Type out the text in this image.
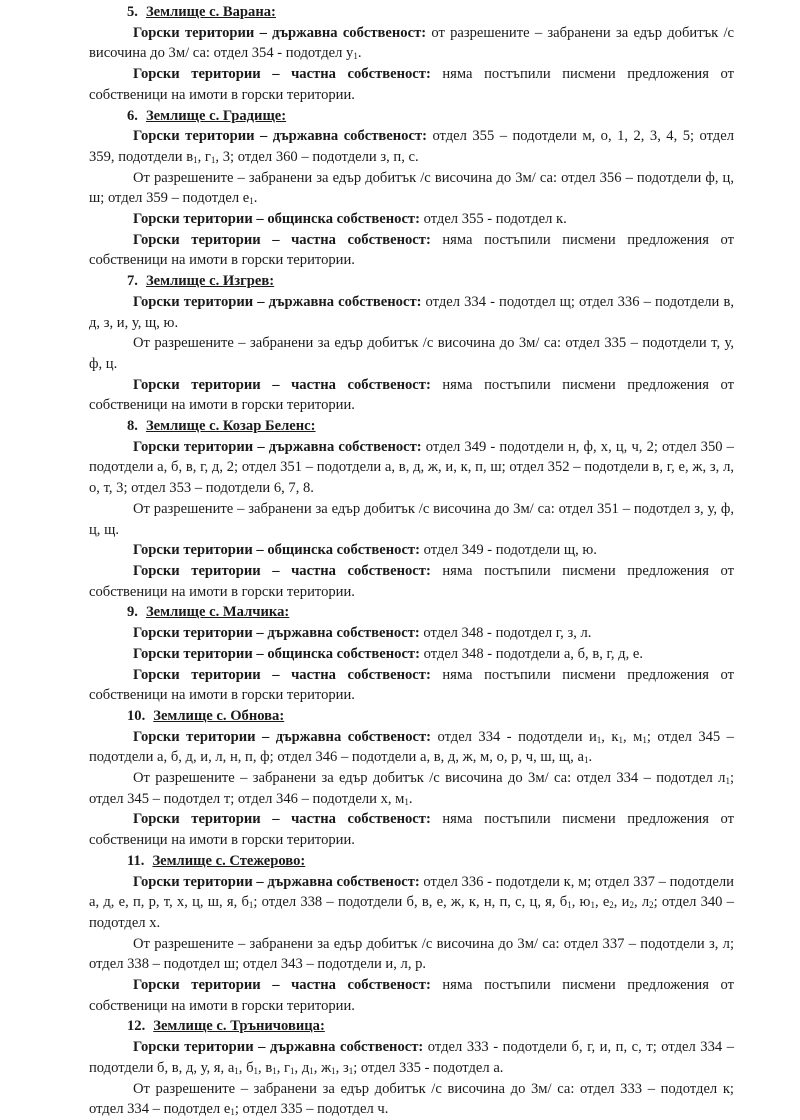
5. Землище с. Варана:

Горски територии – държавна собственост: от разрешените – забранени за едър добитък /с височина до 3м/ са: отдел 354 - подотдел $у_1$.

Горски територии – частна собственост: няма постъпили писмени предложения от собственици на имоти в горски територии.

6. Землище с. Градище:

Горски територии – държавна собственост: отдел 355 – подотдели м, о, 1, 2, 3, 4, 5; отдел 359, подотдели $в_1$, $г_1$, 3; отдел 360 – подотдели з, п, с.

От разрешените – забранени за едър добитък /с височина до 3м/ са: отдел 356 – подотдели ф, ц, ш; отдел 359 – подотдел $е_1$.

Горски територии – общинска собственост: отдел 355 - подотдел к.

Горски територии – частна собственост: няма постъпили писмени предложения от собственици на имоти в горски територии.

7. Землище с. Изгрев:

Горски територии – държавна собственост: отдел 334 - подотдел щ; отдел 336 – подотдели в, д, з, и, у, щ, ю.

От разрешените – забранени за едър добитък /с височина до 3м/ са: отдел 335 – подотдели т, у, ф, ц.

Горски територии – частна собственост: няма постъпили писмени предложения от собственици на имоти в горски територии.

8. Землище с. Козар Беленс:

Горски територии – държавна собственост: отдел 349 - подотдели н, ф, х, ц, ч, 2; отдел 350 – подотдели а, б, в, г, д, 2; отдел 351 – подотдели а, в, д, ж, и, к, п, ш; отдел 352 – подотдели в, г, е, ж, з, л, о, т, 3; отдел 353 – подотдели 6, 7, 8.

От разрешените – забранени за едър добитък /с височина до 3м/ са: отдел 351 – подотдел з, у, ф, ц, щ.

Горски територии – общинска собственост: отдел 349 - подотдели щ, ю.

Горски територии – частна собственост: няма постъпили писмени предложения от собственици на имоти в горски територии.

9. Землище с. Малчика:

Горски територии – държавна собственост: отдел 348 - подотдел г, з, л.

Горски територии – общинска собственост: отдел 348 - подотдели а, б, в, г, д, е.

Горски територии – частна собственост: няма постъпили писмени предложения от собственици на имоти в горски територии.

10. Землище с. Обнова:

Горски територии – държавна собственост: отдел 334 - подотдели $и_1$, $к_1$, $м_1$; отдел 345 – подотдели а, б, д, и, л, н, п, ф; отдел 346 – подотдели а, в, д, ж, м, о, р, ч, ш, щ, $а_1$.

От разрешените – забранени за едър добитък /с височина до 3м/ са: отдел 334 – подотдел $л_1$; отдел 345 – подотдел т; отдел 346 – подотдели х, $м_1$.

Горски територии – частна собственост: няма постъпили писмени предложения от собственици на имоти в горски територии.

11. Землище с. Стежерово:

Горски територии – държавна собственост: отдел 336 - подотдели к, м; отдел 337 – подотдели а, д, е, п, р, т, х, ц, ш, я, $б_1$; отдел 338 – подотдели б, в, е, ж, к, н, п, с, ц, я, $б_1$, $ю_1$, $е_2$, $и_2$, $л_2$; отдел 340 – подотдел х.

От разрешените – забранени за едър добитък /с височина до 3м/ са: отдел 337 – подотдели з, л; отдел 338 – подотдел ш; отдел 343 – подотдели и, л, р.

Горски територии – частна собственост: няма постъпили писмени предложения от собственици на имоти в горски територии.

12. Землище с. Тръничовица:

Горски територии – държавна собственост: отдел 333 - подотдели б, г, и, п, с, т; отдел 334 – подотдели б, в, д, у, я, $а_1$, $б_1$, $в_1$, $г_1$, $д_1$, $ж_1$, $з_1$; отдел 335 - подотдел а.

От разрешените – забранени за едър добитък /с височина до 3м/ са: отдел 333 – подотдел к; отдел 334 – подотдел $е_1$; отдел 335 – подотдел ч.
